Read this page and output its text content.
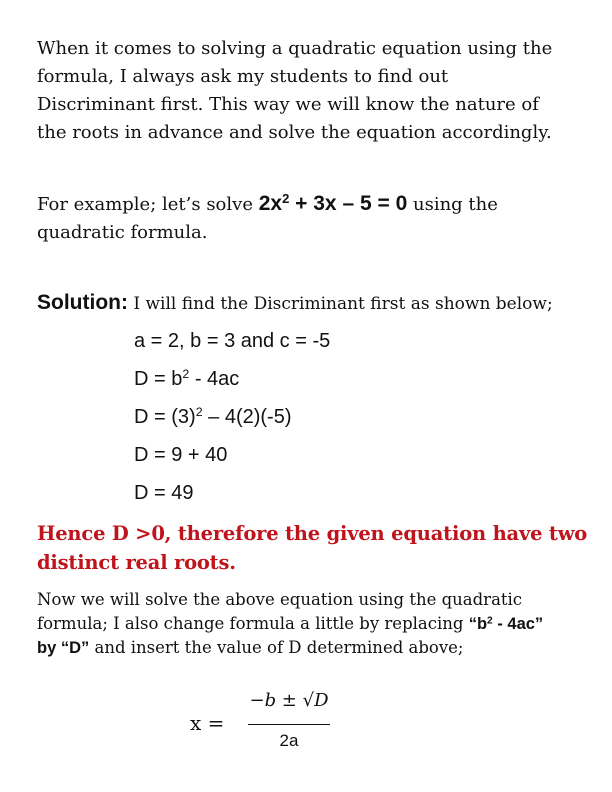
When it comes to solving a quadratic equation using the
formula, I always ask my students to find out
Discriminant first. This way we will know the nature of
the roots in advance and solve the equation accordingly.
For example; let’s solve $2x^2 + 3x - 5 = 0$ using the
quadratic formula.
Solution: I will find the Discriminant first as shown below;
a = 2, b = 3 and c = -5
$D = b^2 - 4ac$
$D = (3)^2 - 4(2)(-5)$
D = 9 + 40
D = 49
Hence D >0, therefore the given equation have two
distinct real roots.
Now we will solve the above equation using the quadratic
formula; I also change formula a little by replacing “$b^2 - 4ac$”
by “D” and insert the value of D determined above;
x =
−b ± √D
2a
